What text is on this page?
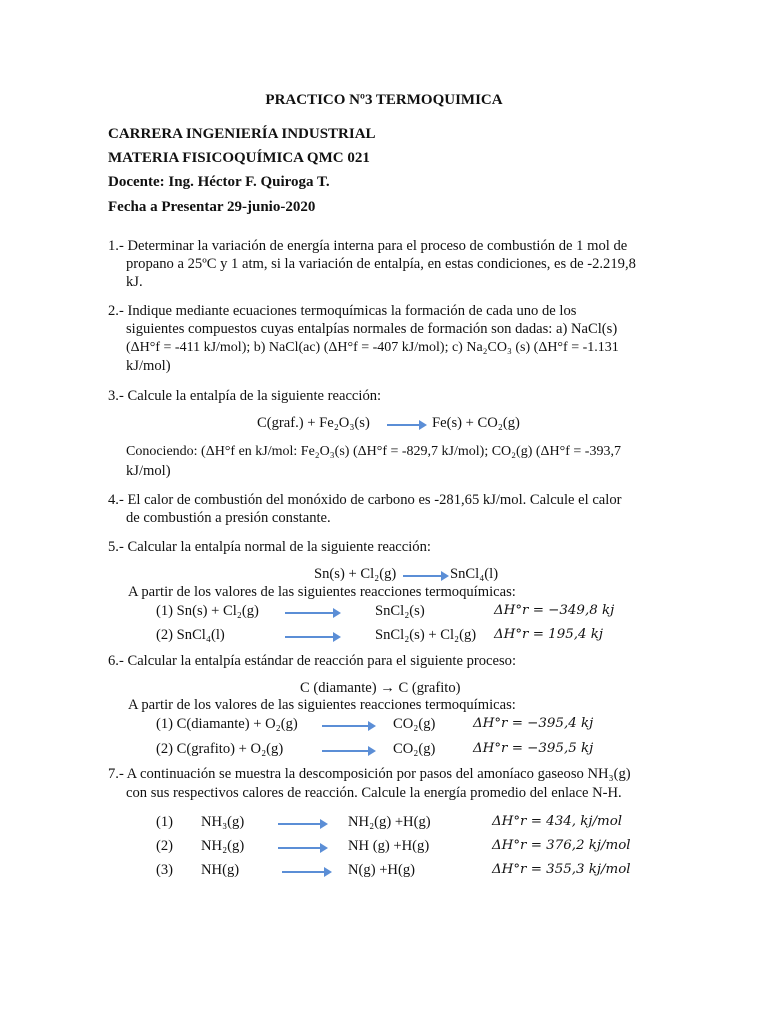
PRACTICO Nº3 TERMOQUIMICA
CARRERA INGENIERÍA INDUSTRIAL
MATERIA FISICOQUÍMICA QMC 021
Docente: Ing. Héctor F. Quiroga T.
Fecha a Presentar 29-junio-2020
1.- Determinar la variación de energía interna para el proceso de combustión de 1 mol de
propano a 25ºC y 1 atm, si la variación de entalpía, en estas condiciones, es de -2.219,8
kJ.
2.- Indique mediante ecuaciones termoquímicas la formación de cada uno de los
siguientes compuestos cuyas entalpías normales de formación son dadas: a) NaCl(s)
(ΔH°f = -411 kJ/mol); b) NaCl(ac) (ΔH°f = -407 kJ/mol); c) Na₂CO₃ (s) (ΔH°f = -1.131
kJ/mol)
3.- Calcule la entalpía de la siguiente reacción:
C(graf.) + Fe₂O₃(s)	Fe(s) + CO₂(g)
Conociendo: (ΔH°f en kJ/mol: Fe₂O₃(s) (ΔH°f = -829,7 kJ/mol); CO₂(g) (ΔH°f = -393,7
kJ/mol)
4.- El calor de combustión del monóxido de carbono es -281,65 kJ/mol. Calcule el calor
de combustión a presión constante.
5.- Calcular la entalpía normal de la siguiente reacción:
Sn(s) + Cl₂(g)	SnCl₄(l)
A partir de los valores de las siguientes reacciones termoquímicas:
(1) Sn(s) + Cl₂(g)	SnCl₂(s)	ΔH°r = −349,8 kj
(2) SnCl₄(l)	SnCl₂(s) + Cl₂(g) ΔH°r = 195,4 kj
6.- Calcular la entalpía estándar de reacción para el siguiente proceso:
C (diamante) → C (grafito)
A partir de los valores de las siguientes reacciones termoquímicas:
(1) C(diamante) + O₂(g)	CO₂(g)	ΔH°r = −395,4 kj
(2) C(grafito) + O₂(g)	CO₂(g)	ΔH°r = −395,5 kj
7.- A continuación se muestra la descomposición por pasos del amoníaco gaseoso NH₃(g)
con sus respectivos calores de reacción. Calcule la energía promedio del enlace N-H.
(1) NH₃(g)	NH₂(g) +H(g)	ΔH°r = 434, kj/mol
(2) NH₂(g)	NH (g) +H(g)	ΔH°r = 376,2 kj/mol
(3) NH(g)	N(g) +H(g)	ΔH°r = 355,3 kj/mol
